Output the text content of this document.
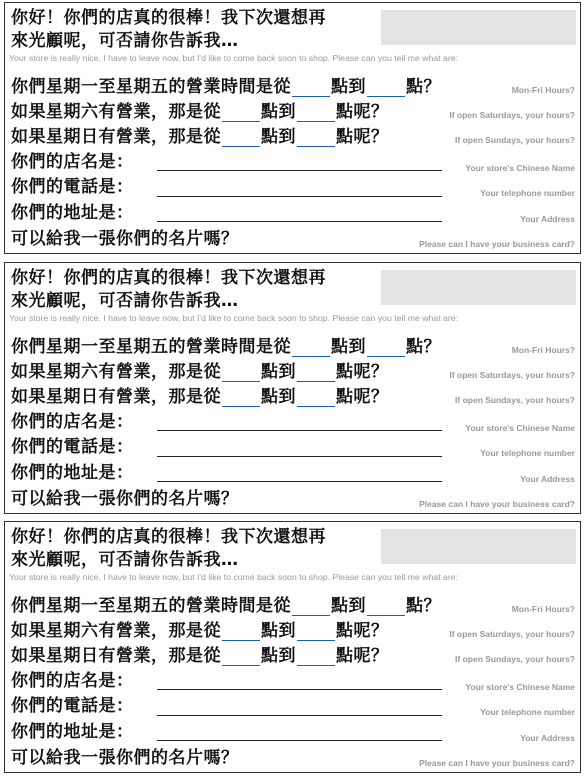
你好！你們的店真的很棒！我下次還想再
來光顧呢，可否請你告訴我…
Your store is really nice. I have to leave now, but I'd like to come back soon to shop. Please can you tell me what are:
你們星期一至星期五的營業時間是從 點到 點？	Mon-Fri Hours?
如果星期六有營業，那是從 點到 點呢？	If open Saturdays, your hours?
如果星期日有營業，那是從 點到 點呢？	If open Sundays, your hours?
你們的店名是：	Your store's Chinese Name
你們的電話是：	Your telephone number
你們的地址是：	Your Address
可以給我一張你們的名片嗎？	Please can I have your business card?
你好！你們的店真的很棒！我下次還想再
來光顧呢，可否請你告訴我…
Your store is really nice. I have to leave now, but I'd like to come back soon to shop. Please can you tell me what are:
你們星期一至星期五的營業時間是從 點到 點？	Mon-Fri Hours?
如果星期六有營業，那是從 點到 點呢？	If open Saturdays, your hours?
如果星期日有營業，那是從 點到 點呢？	If open Sundays, your hours?
你們的店名是：	Your store's Chinese Name
你們的電話是：	Your telephone number
你們的地址是：	Your Address
可以給我一張你們的名片嗎？	Please can I have your business card?
你好！你們的店真的很棒！我下次還想再
來光顧呢，可否請你告訴我…
Your store is really nice. I have to leave now, but I'd like to come back soon to shop. Please can you tell me what are:
你們星期一至星期五的營業時間是從 點到 點？	Mon-Fri Hours?
如果星期六有營業，那是從 點到 點呢？	If open Saturdays, your hours?
如果星期日有營業，那是從 點到 點呢？	If open Sundays, your hours?
你們的店名是：	Your store's Chinese Name
你們的電話是：	Your telephone number
你們的地址是：	Your Address
可以給我一張你們的名片嗎？	Please can I have your business card?
